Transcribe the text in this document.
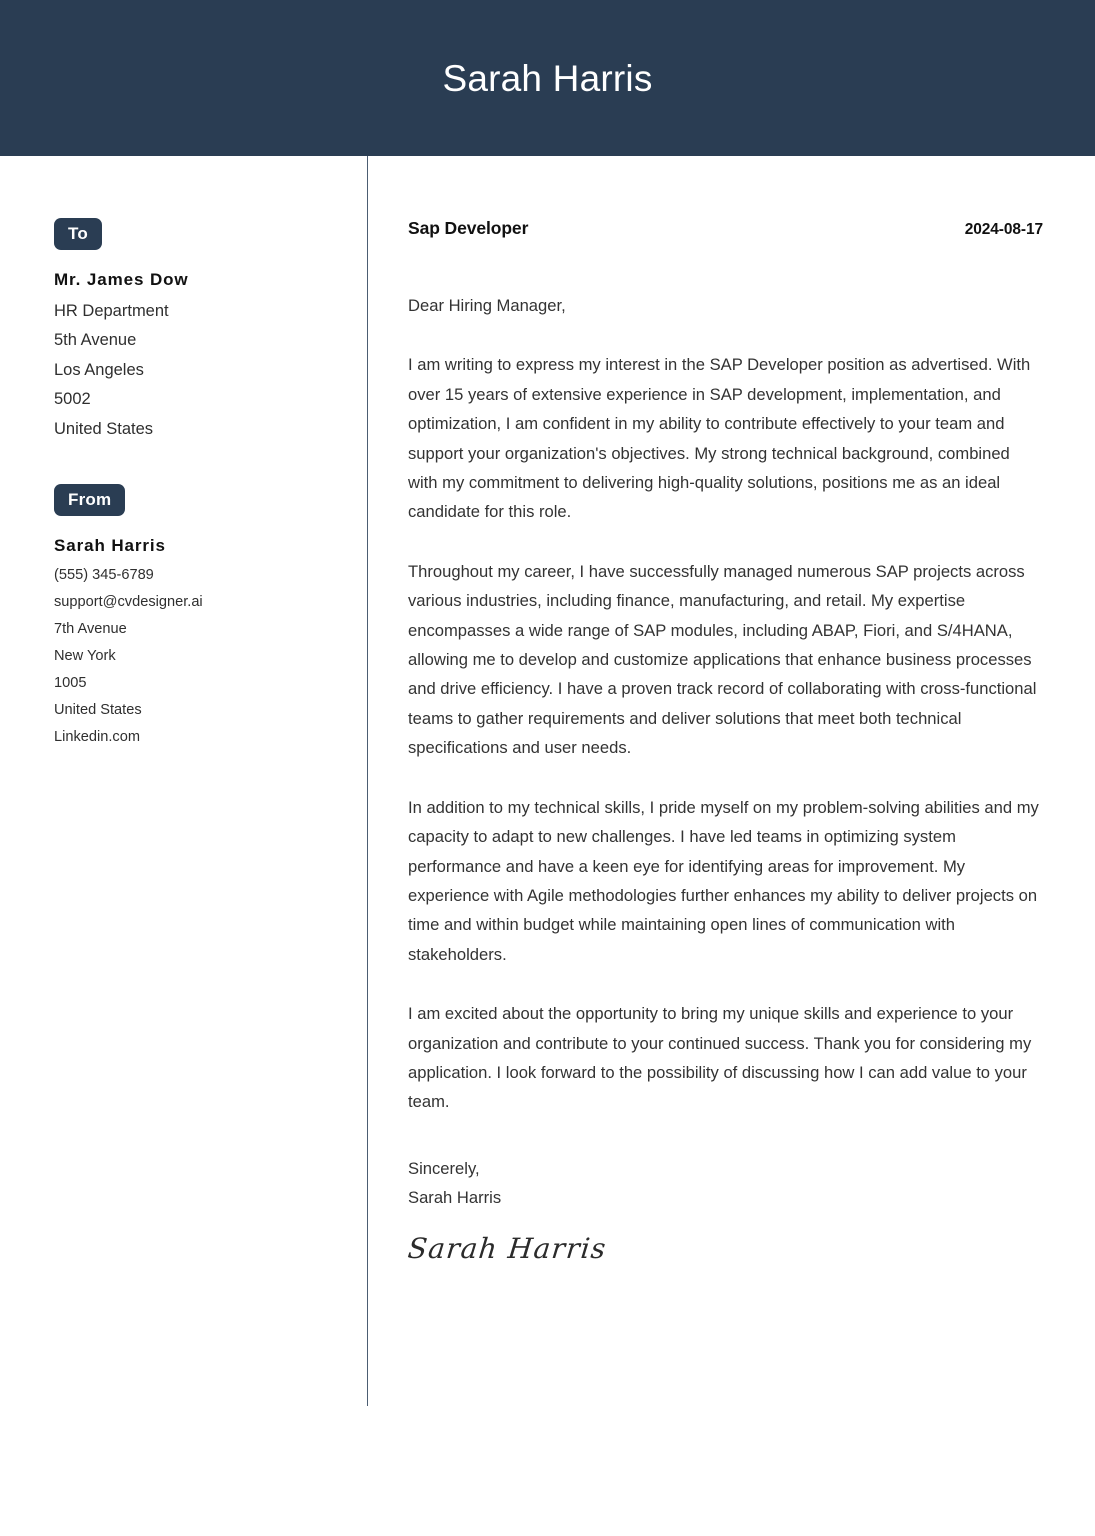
Sarah Harris
To
Mr. James Dow
HR Department
5th Avenue
Los Angeles
5002
United States
From
Sarah Harris
(555) 345-6789
support@cvdesigner.ai
7th Avenue
New York
1005
United States
Linkedin.com
Sap Developer	2024-08-17
Dear Hiring Manager,
I am writing to express my interest in the SAP Developer position as advertised. With over 15 years of extensive experience in SAP development, implementation, and optimization, I am confident in my ability to contribute effectively to your team and support your organization's objectives. My strong technical background, combined with my commitment to delivering high-quality solutions, positions me as an ideal candidate for this role.
Throughout my career, I have successfully managed numerous SAP projects across various industries, including finance, manufacturing, and retail. My expertise encompasses a wide range of SAP modules, including ABAP, Fiori, and S/4HANA, allowing me to develop and customize applications that enhance business processes and drive efficiency. I have a proven track record of collaborating with cross-functional teams to gather requirements and deliver solutions that meet both technical specifications and user needs.
In addition to my technical skills, I pride myself on my problem-solving abilities and my capacity to adapt to new challenges. I have led teams in optimizing system performance and have a keen eye for identifying areas for improvement. My experience with Agile methodologies further enhances my ability to deliver projects on time and within budget while maintaining open lines of communication with stakeholders.
I am excited about the opportunity to bring my unique skills and experience to your organization and contribute to your continued success. Thank you for considering my application. I look forward to the possibility of discussing how I can add value to your team.
Sincerely,
Sarah Harris
Sarah Harris
